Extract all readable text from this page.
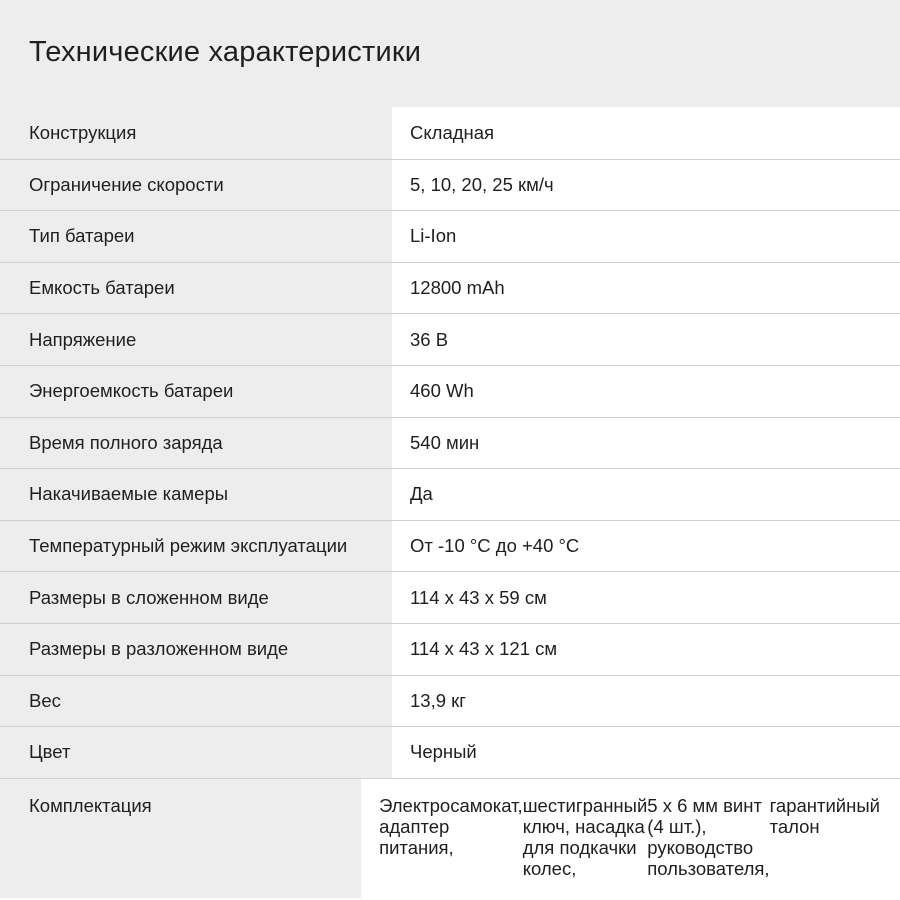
Технические характеристики
Конструкция	Складная
Ограничение скорости	5, 10, 20, 25 км/ч
Тип батареи	Li-Ion
Емкость батареи	12800 mAh
Напряжение	36 В
Энергоемкость батареи	460 Wh
Время полного заряда	540 мин
Накачиваемые камеры	Да
Температурный режим эксплуатации	От -10 °С до +40 °С
Размеры в сложенном виде	114 x 43 x 59 см
Размеры в разложенном виде	114 x 43 x 121 см
Вес	13,9 кг
Цвет	Черный
Комплектация	Электросамокат, адаптер питания,
шестигранный ключ, насадка для подкачки колес,
5 х 6 мм винт (4 шт.), руководство пользователя,
гарантийный талон
